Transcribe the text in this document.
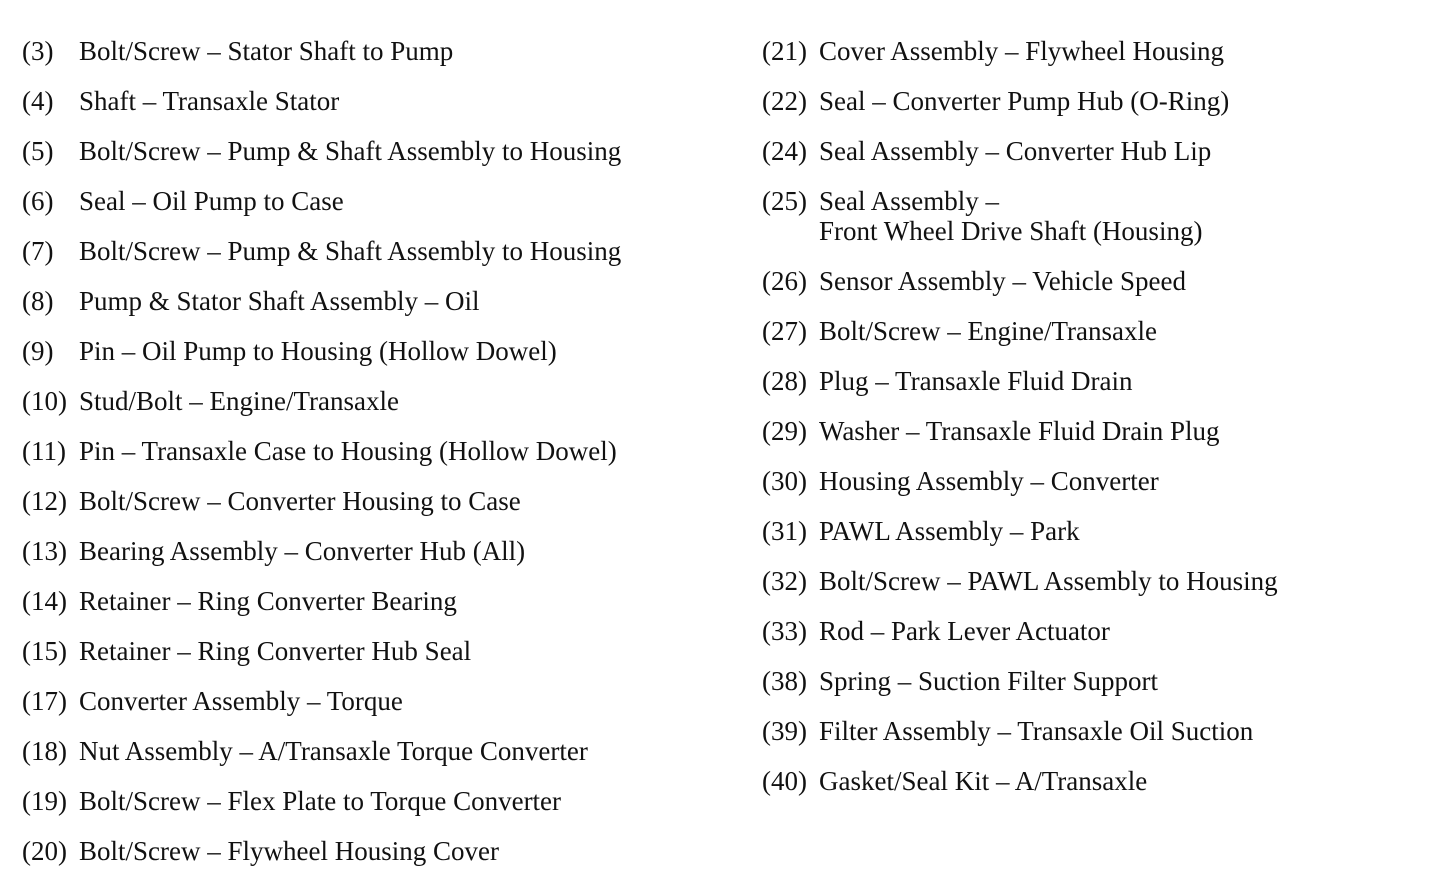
(3) Bolt/Screw – Stator Shaft to Pump
(4) Shaft – Transaxle Stator
(5) Bolt/Screw – Pump & Shaft Assembly to Housing
(6) Seal – Oil Pump to Case
(7) Bolt/Screw – Pump & Shaft Assembly to Housing
(8) Pump & Stator Shaft Assembly – Oil
(9) Pin – Oil Pump to Housing (Hollow Dowel)
(10) Stud/Bolt – Engine/Transaxle
(11) Pin – Transaxle Case to Housing (Hollow Dowel)
(12) Bolt/Screw – Converter Housing to Case
(13) Bearing Assembly – Converter Hub (All)
(14) Retainer – Ring Converter Bearing
(15) Retainer – Ring Converter Hub Seal
(17) Converter Assembly – Torque
(18) Nut Assembly – A/Transaxle Torque Converter
(19) Bolt/Screw – Flex Plate to Torque Converter
(20) Bolt/Screw – Flywheel Housing Cover
(21) Cover Assembly – Flywheel Housing
(22) Seal – Converter Pump Hub (O-Ring)
(24) Seal Assembly – Converter Hub Lip
(25) Seal Assembly –
Front Wheel Drive Shaft (Housing)
(26) Sensor Assembly – Vehicle Speed
(27) Bolt/Screw – Engine/Transaxle
(28) Plug – Transaxle Fluid Drain
(29) Washer – Transaxle Fluid Drain Plug
(30) Housing Assembly – Converter
(31) PAWL Assembly – Park
(32) Bolt/Screw – PAWL Assembly to Housing
(33) Rod – Park Lever Actuator
(38) Spring – Suction Filter Support
(39) Filter Assembly – Transaxle Oil Suction
(40) Gasket/Seal Kit – A/Transaxle
